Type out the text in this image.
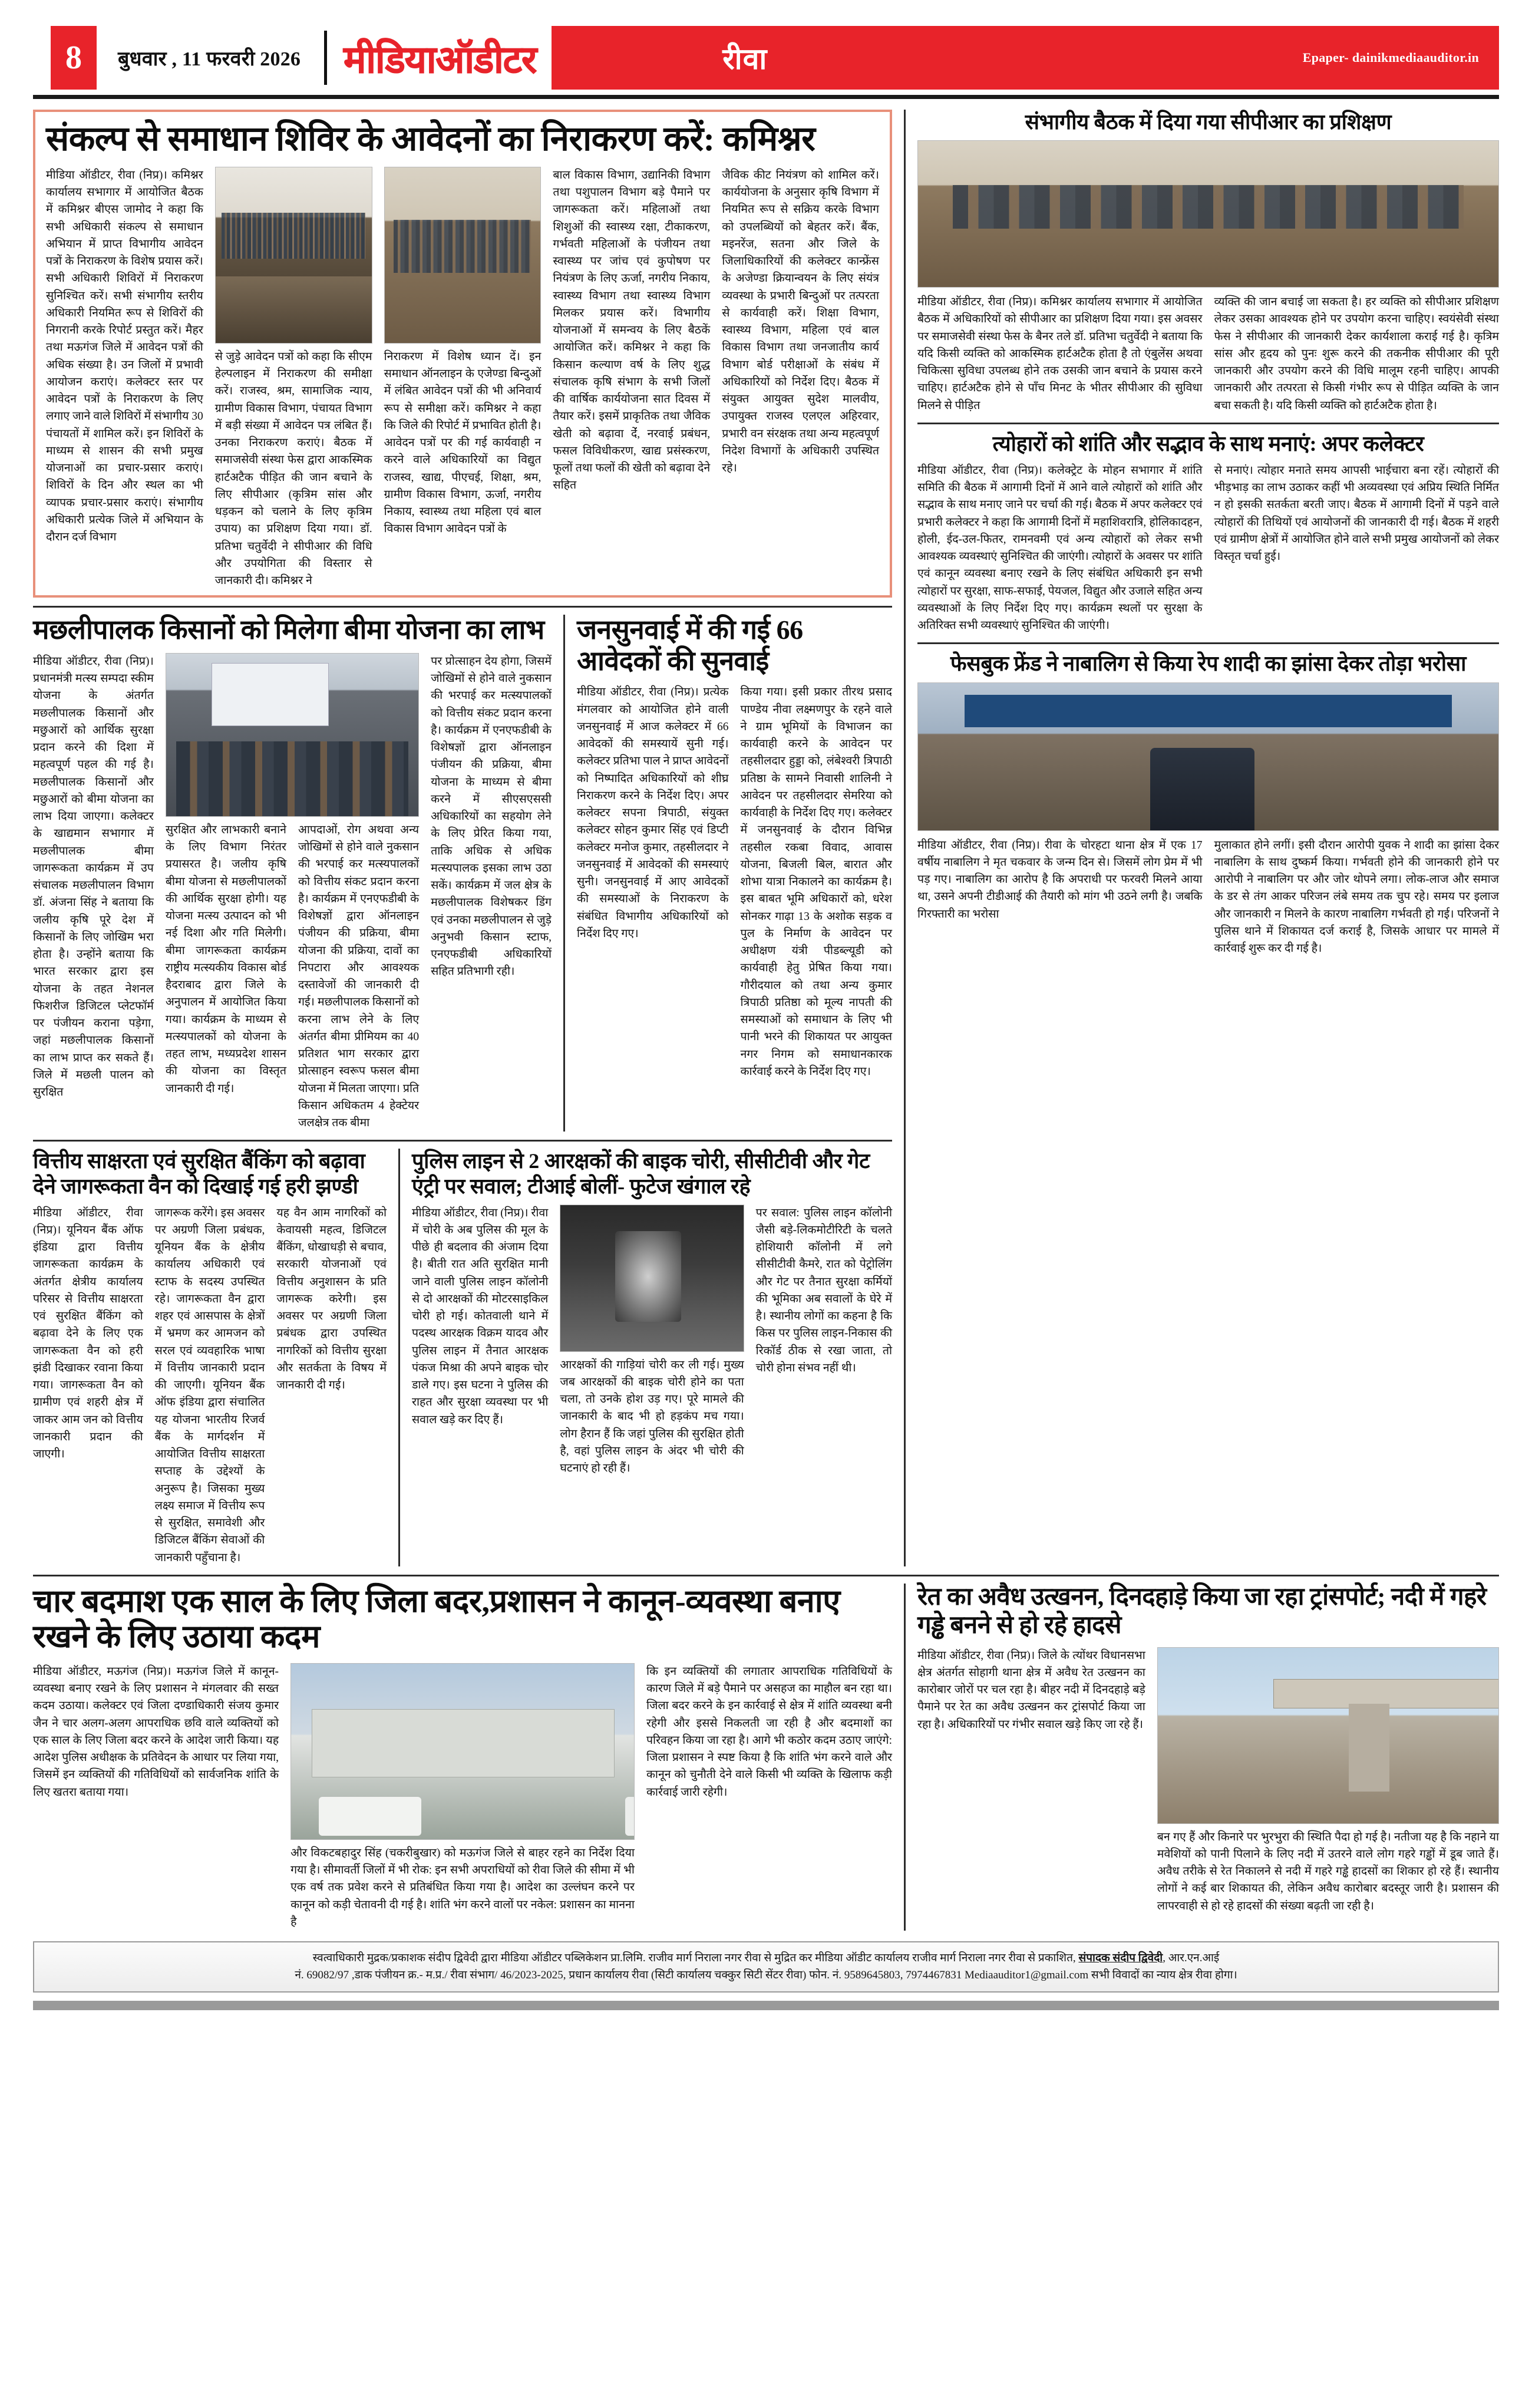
8	बुधवार , 11 फरवरी 2026 मीडियाऑडीटर	रीवा	Epaper- dainikmediaauditor.in
संकल्प से समाधान शिविर के आवेदनों का निराकरण करें: कमिश्नर
मीडिया ऑडीटर, रीवा (निप्र)। कमिश्नर कार्यालय सभागार में आयोजित बैठक में कमिश्नर बीएस जामोद ने कहा कि सभी अधिकारी संकल्प से समाधान अभियान में प्राप्त विभागीय आवेदन पत्रों के निराकरण के विशेष प्रयास करें। सभी अधिकारी शिविरों में निराकरण सुनिश्चित करें। सभी संभागीय स्तरीय अधिकारी नियमित रूप से शिविरों की निगरानी करके रिपोर्ट प्रस्तुत करें। मैहर तथा मऊगंज जिले में आवेदन पत्रों की अधिक संख्या है। उन जिलों में प्रभावी आयोजन कराएं। कलेक्टर स्तर पर आवेदन पत्रों के निराकरण के लिए लगाए जाने वाले शिविरों में संभागीय 30 पंचायतों में शामिल करें। इन शिविरों के माध्यम से शासन की सभी प्रमुख योजनाओं का प्रचार-प्रसार कराएं। शिविरों के दिन और स्थल का भी व्यापक प्रचार-प्रसार कराएं। संभागीय अधिकारी प्रत्येक जिले में अभियान के दौरान दर्ज विभाग
से जुड़े आवेदन पत्रों को कहा कि सीएम हेल्पलाइन में निराकरण की समीक्षा करें। राजस्व, श्रम, सामाजिक न्याय, ग्रामीण विकास विभाग, पंचायत विभाग में बड़ी संख्या में आवेदन पत्र लंबित हैं। उनका निराकरण कराएं। बैठक में समाजसेवी संस्था फेस द्वारा आकस्मिक हार्टअटैक पीड़ित की जान बचाने के लिए सीपीआर (कृत्रिम सांस और धड़कन को चलाने के लिए कृत्रिम उपाय) का प्रशिक्षण दिया गया। डॉ. प्रतिभा चतुर्वेदी ने सीपीआर की विधि और उपयोगिता की विस्तार से जानकारी दी। कमिश्नर ने
निराकरण में विशेष ध्यान दें। इन समाधान ऑनलाइन के एजेण्डा बिन्दुओं में लंबित आवेदन पत्रों की भी अनिवार्य रूप से समीक्षा करें। कमिश्नर ने कहा कि जिले की रिपोर्ट में प्रभावित होती है। आवेदन पत्रों पर की गई कार्यवाही न करने वाले अधिकारियों का विद्युत राजस्व, खाद्य, पीएचई, शिक्षा, श्रम, ग्रामीण विकास विभाग, ऊर्जा, नगरीय निकाय, स्वास्थ्य तथा महिला एवं बाल विकास विभाग आवेदन पत्रों के
बाल विकास विभाग, उद्यानिकी विभाग तथा पशुपालन विभाग बड़े पैमाने पर जागरूकता करें। महिलाओं तथा शिशुओं की स्वास्थ्य रक्षा, टीकाकरण, गर्भवती महिलाओं के पंजीयन तथा स्वास्थ्य पर जांच एवं कुपोषण पर नियंत्रण के लिए ऊर्जा, नगरीय निकाय, स्वास्थ्य विभाग तथा स्वास्थ्य विभाग मिलकर प्रयास करें। विभागीय योजनाओं में समन्वय के लिए बैठकें आयोजित करें। कमिश्नर ने कहा कि किसान कल्याण वर्ष के लिए शुद्ध संचालक कृषि संभाग के सभी जिलों की वार्षिक कार्ययोजना सात दिवस में तैयार करें। इसमें प्राकृतिक तथा जैविक खेती को बढ़ावा देंं, नरवाई प्रबंधन, फसल विविधीकरण, खाद्य प्रसंस्करण, फूलों तथा फलों की खेती को बढ़ावा देने सहित
जैविक कीट नियंत्रण को शामिल करें। कार्ययोजना के अनुसार कृषि विभाग में नियमित रूप से सक्रिय करके विभाग को उपलब्धियों को बेहतर करें। बैंक, मइनरेंज, सतना और जिले के जिलाधिकारियों की कलेक्टर कान्फ्रेंस के अजेण्डा क्रियान्वयन के लिए संयंत्र व्यवस्था के प्रभारी बिन्दुओं पर तत्परता से कार्यवाही करें। शिक्षा विभाग, स्वास्थ्य विभाग, महिला एवं बाल विकास विभाग तथा जनजातीय कार्य विभाग बोर्ड परीक्षाओं के संबंध में अधिकारियों को निर्देश दिए। बैठक में संयुक्त आयुक्त सुदेश मालवीय, उपायुक्त राजस्व एलएल अहिरवार, प्रभारी वन संरक्षक तथा अन्य महत्वपूर्ण निदेश विभागों के अधिकारी उपस्थित रहे।
मछलीपालक किसानों को मिलेगा बीमा योजना का लाभ
मीडिया ऑडीटर, रीवा (निप्र)। प्रधानमंत्री मत्स्य सम्पदा स्कीम योजना के अंतर्गत मछलीपालक किसानों और मछुआरों को आर्थिक सुरक्षा प्रदान करने की दिशा में महत्वपूर्ण पहल की गई है। मछलीपालक किसानों और मछुआरों को बीमा योजना का लाभ दिया जाएगा। कलेक्टर के खाद्यमान सभागार में मछलीपालक बीमा जागरूकता कार्यक्रम में उप संचालक मछलीपालन विभाग डॉ. अंजना सिंह ने बताया कि जलीय कृषि पूरे देश में किसानों के लिए जोखिम भरा होता है। उन्होंने बताया कि भारत सरकार द्वारा इस योजना के तहत नेशनल फिशरीज डिजिटल प्लेटफॉर्म पर पंजीयन कराना पड़ेगा, जहां मछलीपालक किसानों का लाभ प्राप्त कर सकते हैं। जिले में मछली पालन को सुरक्षित
सुरक्षित और लाभकारी बनाने के लिए विभाग निरंतर प्रयासरत है। जलीय कृषि बीमा योजना से मछलीपालकों की आर्थिक सुरक्षा होगी। यह योजना मत्स्य उत्पादन को भी नई दिशा और गति मिलेगी। बीमा जागरूकता कार्यक्रम राष्ट्रीय मत्स्यकीय विकास बोर्ड हैदराबाद द्वारा जिले के अनुपालन में आयोजित किया गया। कार्यक्रम के माध्यम से मत्स्यपालकों को योजना के तहत लाभ, मध्यप्रदेश शासन की योजना का विस्तृत जानकारी दी गई।
आपदाओं, रोग अथवा अन्य जोखिमों से होने वाले नुकसान की भरपाई कर मत्स्यपालकों को वित्तीय संकट प्रदान करना है। कार्यक्रम में एनएफडीबी के विशेषज्ञों द्वारा ऑनलाइन पंजीयन की प्रक्रिया, बीमा योजना की प्रक्रिया, दावों का निपटारा और आवश्यक दस्तावेजों की जानकारी दी गई। मछलीपालक किसानों को करना लाभ लेने के लिए अंतर्गत बीमा प्रीमियम का 40 प्रतिशत भाग सरकार द्वारा प्रोत्साहन स्वरूप फसल बीमा योजना में मिलता जाएगा। प्रति किसान अधिकतम 4 हेक्टेयर जलक्षेत्र तक बीमा
पर प्रोत्साहन देय होगा, जिसमें जोखिमों से होने वाले नुकसान की भरपाई कर मत्स्यपालकों को वित्तीय संकट प्रदान करना है। कार्यक्रम में एनएफडीबी के विशेषज्ञों द्वारा ऑनलाइन पंजीयन की प्रक्रिया, बीमा योजना के माध्यम से बीमा करने में सीएसएससी अधिकारियों का सहयोग लेने के लिए प्रेरित किया गया, ताकि अधिक से अधिक मत्स्यपालक इसका लाभ उठा सकें। कार्यक्रम में जल क्षेत्र के मछलीपालक विशेषकर डिंग एवं उनका मछलीपालन से जुड़े अनुभवी किसान स्टाफ, एनएफडीबी अधिकारियों सहित प्रतिभागी रही।
जनसुनवाई में की गई 66 आवेदकों की सुनवाई
मीडिया ऑडीटर, रीवा (निप्र)। प्रत्येक मंगलवार को आयोजित होने वाली जनसुनवाई में आज कलेक्टर में 66 आवेदकों की समस्यायें सुनी गई। कलेक्टर प्रतिभा पाल ने प्राप्त आवेदनों को निष्पादित अधिकारियों को शीघ्र निराकरण करने के निर्देश दिए। अपर कलेक्टर सपना त्रिपाठी, संयुक्त कलेक्टर सोहन कुमार सिंह एवं डिप्टी कलेक्टर मनोज कुमार, तहसीलदार ने जनसुनवाई में आवेदकों की समस्याएं सुनी। जनसुनवाई में आए आवेदकों की समस्याओं के निराकरण के संबंधित विभागीय अधिकारियों को निर्देश दिए गए।
किया गया। इसी प्रकार तीरथ प्रसाद पाण्डेय नीवा लक्ष्मणपुर के रहने वाले ने ग्राम भूमियों के विभाजन का कार्यवाही करने के आवेदन पर तहसीलदार हुड्डा को, लंबेश्वरी त्रिपाठी प्रतिष्ठा के सामने निवासी शालिनी ने आवेदन पर तहसीलदार सेमरिया को कार्यवाही के निर्देश दिए गए। कलेक्टर में जनसुनवाई के दौरान विभिन्न तहसील रकबा विवाद, आवास योजना, बिजली बिल, बारात और शोभा यात्रा निकालने का कार्यक्रम है। इस बाबत भूमि अधिकारों को, धरेश सोनकर गाढ़ा 13 के अशोक सड़क व पुल के निर्माण के आवेदन पर अधीक्षण यंत्री पीडब्ल्यूडी को कार्यवाही हेतु प्रेषित किया गया। गौरीदयाल को तथा अन्य कुमार त्रिपाठी प्रतिष्ठा को मूल्य नापती की समस्याओं को समाधान के लिए भी पानी भरने की शिकायत पर आयुक्त नगर निगम को समाधानकारक कार्रवाई करने के निर्देश दिए गए।
वित्तीय साक्षरता एवं सुरक्षित बैंकिंग को बढ़ावा देने जागरूकता वैन को दिखाई गई हरी झण्डी
मीडिया ऑडीटर, रीवा (निप्र)। यूनियन बैंक ऑफ इंडिया द्वारा वित्तीय जागरूकता कार्यक्रम के अंतर्गत क्षेत्रीय कार्यालय परिसर से वित्तीय साक्षरता एवं सुरक्षित बैंकिंग को बढ़ावा देने के लिए एक जागरूकता वैन को हरी झंडी दिखाकर रवाना किया गया। जागरूकता वैन को ग्रामीण एवं शहरी क्षेत्र में जाकर आम जन को वित्तीय जानकारी प्रदान की जाएगी।
जागरूक करेंगे। इस अवसर पर अग्रणी जिला प्रबंधक, यूनियन बैंक के क्षेत्रीय कार्यालय अधिकारी एवं स्टाफ के सदस्य उपस्थित रहे। जागरूकता वैन द्वारा शहर एवं आसपास के क्षेत्रों में भ्रमण कर आमजन को सरल एवं व्यवहारिक भाषा में वित्तीय जानकारी प्रदान की जाएगी। यूनियन बैंक ऑफ इंडिया द्वारा संचालित यह योजना भारतीय रिजर्व बैंक के मार्गदर्शन में आयोजित वित्तीय साक्षरता सप्ताह के उद्देश्यों के अनुरूप है। जिसका मुख्य लक्ष्य समाज में वित्तीय रूप से सुरक्षित, समावेशी और डिजिटल बैंकिंग सेवाओं की जानकारी पहुँचाना है।
यह वैन आम नागरिकों को केवायसी महत्व, डिजिटल बैंकिंग, धोखाधड़ी से बचाव, सरकारी योजनाओं एवं वित्तीय अनुशासन के प्रति जागरूक करेगी। इस अवसर पर अग्रणी जिला प्रबंधक द्वारा उपस्थित नागरिकों को वित्तीय सुरक्षा और सतर्कता के विषय में जानकारी दी गई।
पुलिस लाइन से 2 आरक्षकों की बाइक चोरी, सीसीटीवी और गेट एंट्री पर सवाल; टीआई बोलीं- फुटेज खंगाल रहे
मीडिया ऑडीटर, रीवा (निप्र)। रीवा में चोरी के अब पुलिस की मूल के पीछे ही बदलाव की अंजाम दिया है। बीती रात अति सुरक्षित मानी जाने वाली पुलिस लाइन कॉलोनी से दो आरक्षकों की मोटरसाइकिल चोरी हो गई। कोतवाली थाने में पदस्थ आरक्षक विक्रम यादव और पुलिस लाइन में तैनात आरक्षक पंकज मिश्रा की अपने बाइक चोर डाले गए। इस घटना ने पुलिस की राहत और सुरक्षा व्यवस्था पर भी सवाल खड़े कर दिए हैं।
आरक्षकों की गाड़ियां चोरी कर ली गई। मुख्य जब आरक्षकों की बाइक चोरी होने का पता चला, तो उनके होश उड़ गए। पूरे मामले की जानकारी के बाद भी हो हड़कंप मच गया। लोग हैरान हैं कि जहां पुलिस की सुरक्षित होती है, वहां पुलिस लाइन के अंदर भी चोरी की घटनाएं हो रही हैं।
पर सवाल: पुलिस लाइन कॉलोनी जैसी बड़े-लिकमोटीरिटी के चलते होशियारी कॉलोनी में लगे सीसीटीवी कैमरे, रात को पेट्रोलिंग और गेट पर तैनात सुरक्षा कर्मियों की भूमिका अब सवालों के घेरे में है। स्थानीय लोगों का कहना है कि किस पर पुलिस लाइन-निकास की रिकॉर्ड ठीक से रखा जाता, तो चोरी होना संभव नहीं थी।
संभागीय बैठक में दिया गया सीपीआर का प्रशिक्षण
मीडिया ऑडीटर, रीवा (निप्र)। कमिश्नर कार्यालय सभागार में आयोजित बैठक में अधिकारियों को सीपीआर का प्रशिक्षण दिया गया। इस अवसर पर समाजसेवी संस्था फेस के बैनर तले डॉ. प्रतिभा चतुर्वेदी ने बताया कि यदि किसी व्यक्ति को आकस्मिक हार्टअटैक होता है तो एंबुलेंस अथवा चिकित्सा सुविधा उपलब्ध होने तक उसकी जान बचाने के प्रयास करने चाहिए। हार्टअटैक होने से पाँच मिनट के भीतर सीपीआर की सुविधा मिलने से पीड़ित
व्यक्ति की जान बचाई जा सकता है। हर व्यक्ति को सीपीआर प्रशिक्षण लेकर उसका आवश्यक होने पर उपयोग करना चाहिए। स्वयंसेवी संस्था फेस ने सीपीआर की जानकारी देकर कार्यशाला कराई गई है। कृत्रिम सांस और हृदय को पुनः शुरू करने की तकनीक सीपीआर की पूरी जानकारी और उपयोग करने की विधि मालूम रहनी चाहिए। आपकी जानकारी और तत्परता से किसी गंभीर रूप से पीड़ित व्यक्ति के जान बचा सकती है। यदि किसी व्यक्ति को हार्टअटैक होता है।
त्योहारों को शांति और सद्भाव के साथ मनाएं: अपर कलेक्टर
मीडिया ऑडीटर, रीवा (निप्र)। कलेक्ट्रेट के मोहन सभागार में शांति समिति की बैठक में आगामी दिनों में आने वाले त्योहारों को शांति और सद्भाव के साथ मनाए जाने पर चर्चा की गई। बैठक में अपर कलेक्टर एवं प्रभारी कलेक्टर ने कहा कि आगामी दिनों में महाशिवरात्रि, होलिकादहन, होली, ईद-उल-फितर, रामनवमी एवं अन्य त्योहारों को लेकर सभी आवश्यक व्यवस्थाएं सुनिश्चित की जाएंगी। त्योहारों के अवसर पर शांति एवं कानून व्यवस्था बनाए रखने के लिए संबंधित अधिकारी इन सभी त्योहारों पर सुरक्षा, साफ-सफाई, पेयजल, विद्युत और उजाले सहित अन्य व्यवस्थाओं के लिए निर्देश दिए गए। कार्यक्रम स्थलों पर सुरक्षा के अतिरिक्त सभी व्यवस्थाएं सुनिश्चित की जाएंगी।
से मनाएं। त्योहार मनाते समय आपसी भाईचारा बना रहें। त्योहारों की भीड़भाड़ का लाभ उठाकर कहीं भी अव्यवस्था एवं अप्रिय स्थिति निर्मित न हो इसकी सतर्कता बरती जाए। बैठक में आगामी दिनों में पड़ने वाले त्योहारों की तिथियों एवं आयोजनों की जानकारी दी गई। बैठक में शहरी एवं ग्रामीण क्षेत्रों में आयोजित होने वाले सभी प्रमुख आयोजनों को लेकर विस्तृत चर्चा हुई।
फेसबुक फ्रेंड ने नाबालिग से किया रेप शादी का झांसा देकर तोड़ा भरोसा
मीडिया ऑडीटर, रीवा (निप्र)। रीवा के चोरहटा थाना क्षेत्र में एक 17 वर्षीय नाबालिग ने मृत चकवार के जन्म दिन से। जिसमें लोग प्रेम में भी पड़ गए। नाबालिग का आरोप है कि अपराधी पर फरवरी मिलने आया था, उसने अपनी टीडीआई की तैयारी को मांग भी उठने लगी है। जबकि गिरफ्तारी का भरोसा
मुलाकात होने लगीं। इसी दौरान आरोपी युवक ने शादी का झांसा देकर नाबालिग के साथ दुष्कर्म किया। गर्भवती होने की जानकारी होने पर आरोपी ने नाबालिग पर और जोर थोपने लगा। लोक-लाज और समाज के डर से तंग आकर परिजन लंबे समय तक चुप रहे। समय पर इलाज और जानकारी न मिलने के कारण नाबालिग गर्भवती हो गई। परिजनों ने पुलिस थाने में शिकायत दर्ज कराई है, जिसके आधार पर मामले में कार्रवाई शुरू कर दी गई है।
चार बदमाश एक साल के लिए जिला बदर,प्रशासन ने कानून-व्यवस्था बनाए रखने के लिए उठाया कदम
मीडिया ऑडीटर, मऊगंज (निप्र)। मऊगंज जिले में कानून-व्यवस्था बनाए रखने के लिए प्रशासन ने मंगलवार की सख्त कदम उठाया। कलेक्टर एवं जिला दण्डाधिकारी संजय कुमार जैन ने चार अलग-अलग आपराधिक छवि वाले व्यक्तियों को एक साल के लिए जिला बदर करने के आदेश जारी किया। यह आदेश पुलिस अधीक्षक के प्रतिवेदन के आधार पर लिया गया, जिसमें इन व्यक्तियों की गतिविधियों को सार्वजनिक शांति के लिए खतरा बताया गया।
और विकटबहादुर सिंह (चकरीबुखार) को मऊगंज जिले से बाहर रहने का निर्देश दिया गया है। सीमावर्ती जिलों में भी रोक: इन सभी अपराधियों को रीवा जिले की सीमा में भी एक वर्ष तक प्रवेश करने से प्रतिबंधित किया गया है। आदेश का उल्लंघन करने पर कानून को कड़ी चेतावनी दी गई है। शांति भंग करने वालों पर नकेल: प्रशासन का मानना है
कि इन व्यक्तियों की लगातार आपराधिक गतिविधियों के कारण जिले में बड़े पैमाने पर असहज का माहौल बन रहा था। जिला बदर करने के इन कार्रवाई से क्षेत्र में शांति व्यवस्था बनी रहेगी और इससे निकलती जा रही है और बदमाशों का परिवहन किया जा रहा है। आगे भी कठोर कदम उठाए जाएंगे: जिला प्रशासन ने स्पष्ट किया है कि शांति भंग करने वाले और कानून को चुनौती देने वाले किसी भी व्यक्ति के खिलाफ कड़ी कार्रवाई जारी रहेगी।
रेत का अवैध उत्खनन, दिनदहाड़े किया जा रहा ट्रांसपोर्ट; नदी में गहरे गड्ढे बनने से हो रहे हादसे
मीडिया ऑडीटर, रीवा (निप्र)। जिले के त्योंथर विधानसभा क्षेत्र अंतर्गत सोहागी थाना क्षेत्र में अवैध रेत उत्खनन का कारोबार जोरों पर चल रहा है। बीहर नदी में दिनदहाड़े बड़े पैमाने पर रेत का अवैध उत्खनन कर ट्रांसपोर्ट किया जा रहा है। अधिकारियों पर गंभीर सवाल खड़े किए जा रहे हैं।
बन गए हैं और किनारे पर भुरभुरा की स्थिति पैदा हो गई है। नतीजा यह है कि नहाने या मवेशियों को पानी पिलाने के लिए नदी में उतरने वाले लोग गहरे गड्ढों में डूब जाते हैं। अवैध तरीके से रेत निकालने से नदी में गहरे गड्ढे हादसों का शिकार हो रहे हैं। स्थानीय लोगों ने कई बार शिकायत की, लेकिन अवैध कारोबार बदस्तूर जारी है। प्रशासन की लापरवाही से हो रहे हादसों की संख्या बढ़ती जा रही है।
स्वत्वाधिकारी मुद्रक/प्रकाशक संदीप द्विवेदी द्वारा मीडिया ऑडीटर पब्लिकेशन प्रा.लिमि. राजीव मार्ग निराला नगर रीवा से मुद्रित कर मीडिया ऑडीट कार्यालय राजीव मार्ग निराला नगर रीवा से प्रकाशित, संपादक संदीप द्विवेदी, आर.एन.आई
नं. 69082/97 ,डाक पंजीयन क्र.- म.प्र./ रीवा संभाग/ 46/2023-2025, प्रधान कार्यालय रीवा (सिटी कार्यालय चक्कुर सिटी सेंटर रीवा) फोन. नं. 9589645803, 7974467831 Mediaauditor1@gmail.com सभी विवादों का न्याय क्षेत्र रीवा होगा।
